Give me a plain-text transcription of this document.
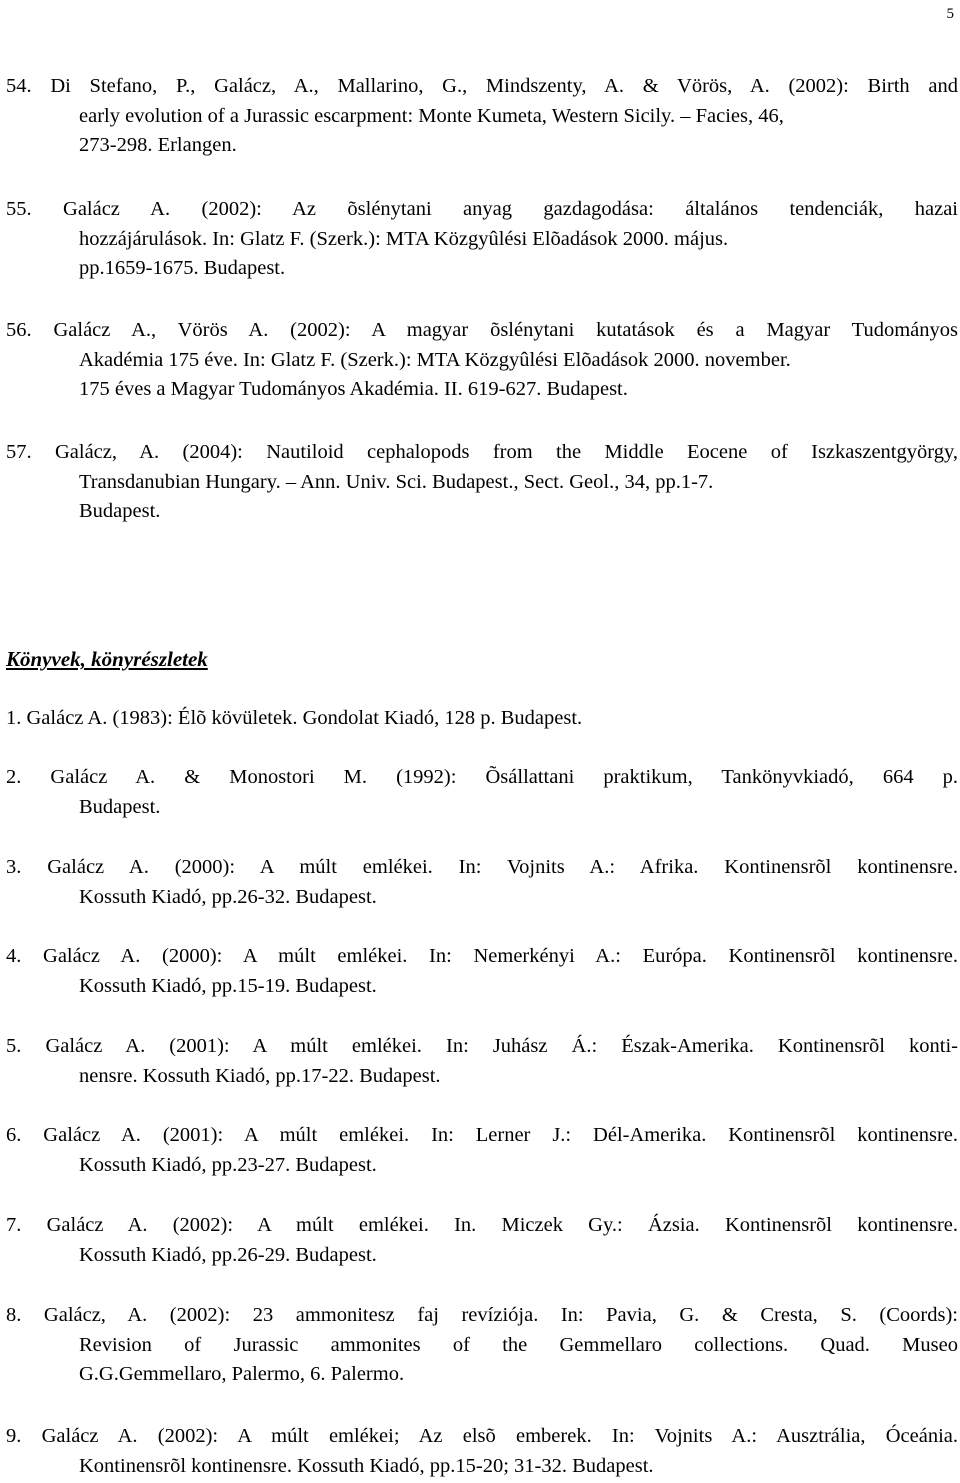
5
54. Di Stefano, P., Galácz, A., Mallarino, G., Mindszenty, A. & Vörös, A. (2002): Birth and
early evolution of a Jurassic escarpment: Monte Kumeta, Western Sicily. – Facies, 46,
273-298. Erlangen.
55. Galácz A. (2002): Az õslénytani anyag gazdagodása: általános tendenciák, hazai
hozzájárulások. In: Glatz F. (Szerk.): MTA Közgyûlési Elõadások 2000. május.
pp.1659-1675. Budapest.
56. Galácz A., Vörös A. (2002): A magyar õslénytani kutatások és a Magyar Tudományos
Akadémia 175 éve. In: Glatz F. (Szerk.): MTA Közgyûlési Elõadások 2000. november.
175 éves a Magyar Tudományos Akadémia. II. 619-627. Budapest.
57. Galácz, A. (2004): Nautiloid cephalopods from the Middle Eocene of Iszkaszentgyörgy,
Transdanubian Hungary. – Ann. Univ. Sci. Budapest., Sect. Geol., 34, pp.1-7.
Budapest.
Könyvek, könyrészletek
1. Galácz A. (1983): Élõ kövületek. Gondolat Kiadó, 128 p. Budapest.
2. Galácz A. & Monostori M. (1992): Õsállattani praktikum, Tankönyvkiadó, 664 p.
Budapest.
3. Galácz A. (2000): A múlt emlékei. In: Vojnits A.: Afrika. Kontinensrõl kontinensre.
Kossuth Kiadó, pp.26-32. Budapest.
4. Galácz A. (2000): A múlt emlékei. In: Nemerkényi A.: Európa. Kontinensrõl kontinensre.
Kossuth Kiadó, pp.15-19. Budapest.
5. Galácz A. (2001): A múlt emlékei. In: Juhász Á.: Észak-Amerika. Kontinensrõl konti-
nensre. Kossuth Kiadó, pp.17-22. Budapest.
6. Galácz A. (2001): A múlt emlékei. In: Lerner J.: Dél-Amerika. Kontinensrõl kontinensre.
Kossuth Kiadó, pp.23-27. Budapest.
7. Galácz A. (2002): A múlt emlékei. In. Miczek Gy.: Ázsia. Kontinensrõl kontinensre.
Kossuth Kiadó, pp.26-29. Budapest.
8. Galácz, A. (2002): 23 ammonitesz faj revíziója. In: Pavia, G. & Cresta, S. (Coords):
Revision of Jurassic ammonites of the Gemmellaro collections. Quad. Museo
G.G.Gemmellaro, Palermo, 6. Palermo.
9. Galácz A. (2002): A múlt emlékei; Az elsõ emberek. In: Vojnits A.: Ausztrália, Óceánia.
Kontinensrõl kontinensre. Kossuth Kiadó, pp.15-20; 31-32. Budapest.
